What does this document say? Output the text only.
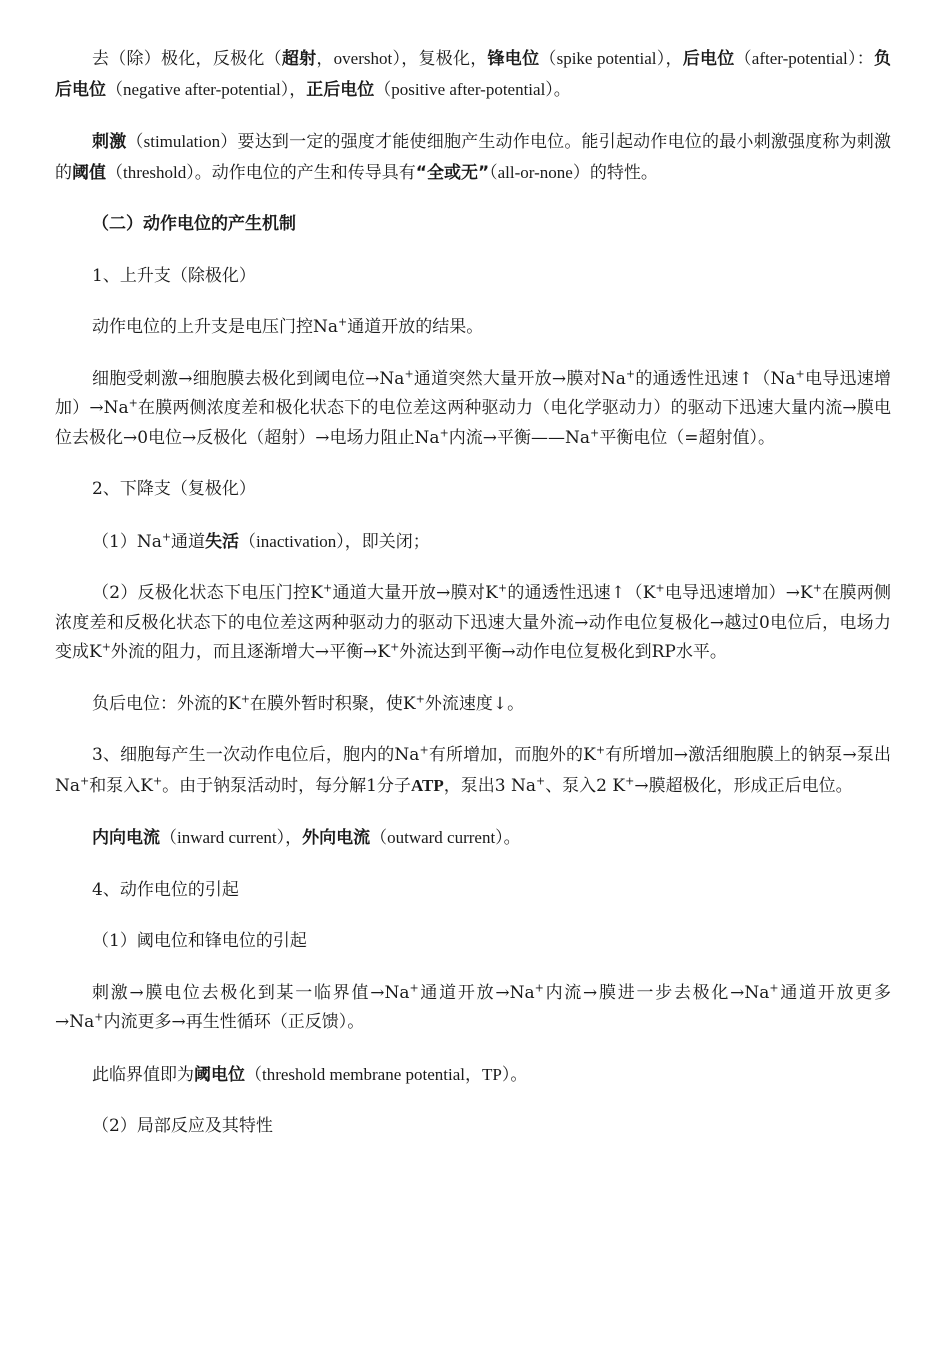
去（除）极化，反极化（超射，overshot），复极化，锋电位（spike potential），后电位（after-potential）：负后电位（negative after-potential），正后电位（positive after-potential）。

刺激（stimulation）要达到一定的强度才能使细胞产生动作电位。能引起动作电位的最小刺激强度称为刺激的阈值（threshold）。动作电位的产生和传导具有“全或无”（all-or-none）的特性。

（二）动作电位的产生机制

1、上升支（除极化）

动作电位的上升支是电压门控Na+通道开放的结果。

细胞受刺激→细胞膜去极化到阈电位→Na+通道突然大量开放→膜对Na+的通透性迅速↑（Na+电导迅速增加）→Na+在膜两侧浓度差和极化状态下的电位差这两种驱动力（电化学驱动力）的驱动下迅速大量内流→膜电位去极化→0电位→反极化（超射）→电场力阻止Na+内流→平衡——Na+平衡电位（=超射值）。

2、下降支（复极化）

（1）Na+通道失活（inactivation），即关闭；

（2）反极化状态下电压门控K+通道大量开放→膜对K+的通透性迅速↑（K+电导迅速增加）→K+在膜两侧浓度差和反极化状态下的电位差这两种驱动力的驱动下迅速大量外流→动作电位复极化→越过0电位后，电场力变成K+外流的阻力，而且逐渐增大→平衡→K+外流达到平衡→动作电位复极化到RP水平。

负后电位：外流的K+在膜外暂时积聚，使K+外流速度↓。

3、细胞每产生一次动作电位后，胞内的Na+有所增加，而胞外的K+有所增加→激活细胞膜上的钠泵→泵出Na+和泵入K+。由于钠泵活动时，每分解1分子ATP，泵出3 Na+、泵入2 K+→膜超极化，形成正后电位。

内向电流（inward current），外向电流（outward current）。

4、动作电位的引起

（1）阈电位和锋电位的引起

刺激→膜电位去极化到某一临界值→Na+通道开放→Na+内流→膜进一步去极化→Na+通道开放更多→Na+内流更多→再生性循环（正反馈）。

此临界值即为阈电位（threshold membrane potential，TP）。

（2）局部反应及其特性
